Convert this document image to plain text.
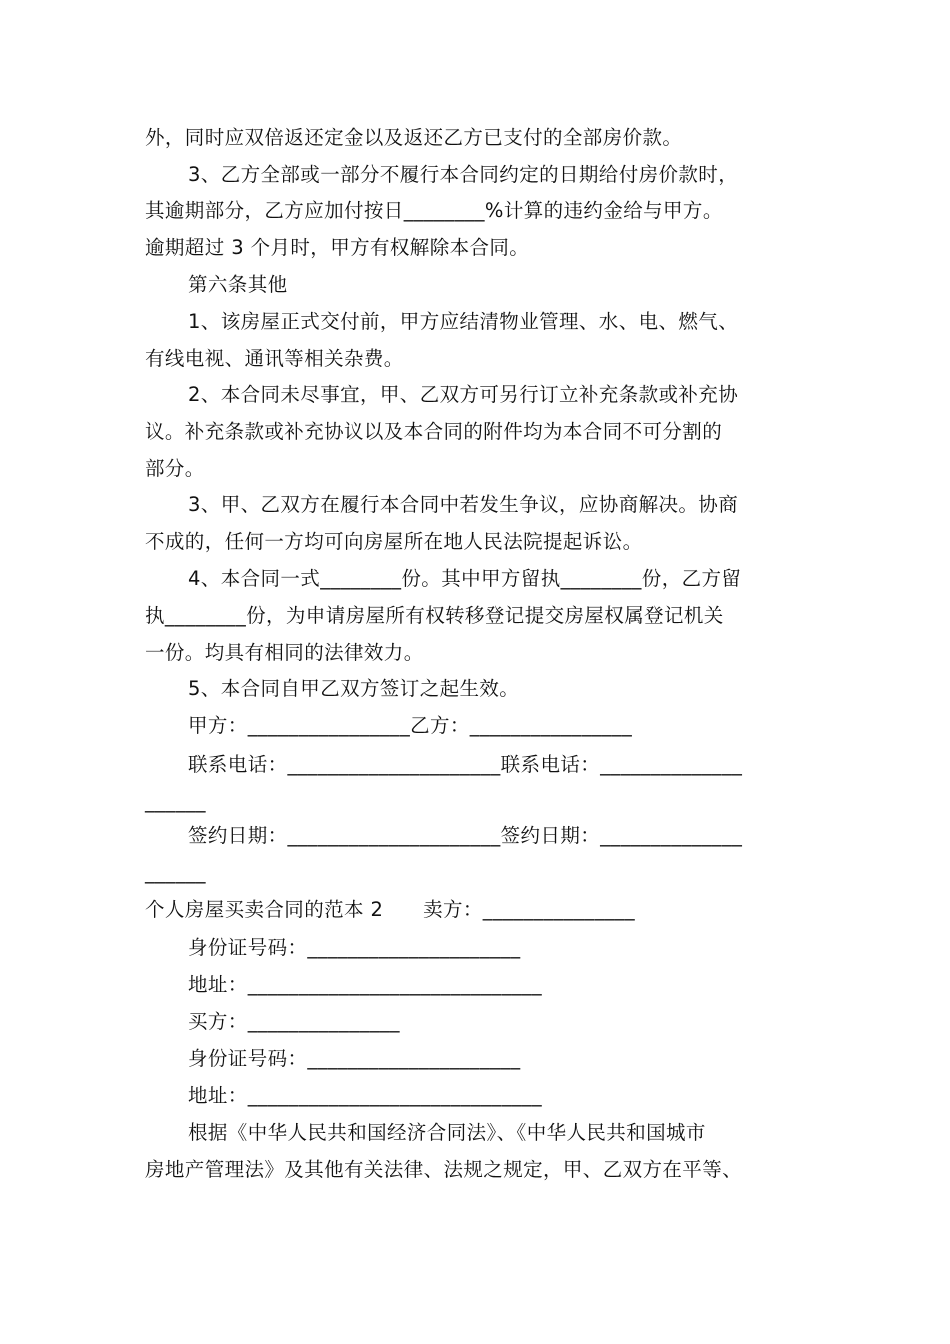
外，同时应双倍返还定金以及返还乙方已支付的全部房价款。
3、乙方全部或一部分不履行本合同约定的日期给付房价款时，
其逾期部分，乙方应加付按日________%计算的违约金给与甲方。
逾期超过 3 个月时，甲方有权解除本合同。
第六条其他
1、该房屋正式交付前，甲方应结清物业管理、水、电、燃气、
有线电视、通讯等相关杂费。
2、本合同未尽事宜，甲、乙双方可另行订立补充条款或补充协
议。补充条款或补充协议以及本合同的附件均为本合同不可分割的
部分。
3、甲、乙双方在履行本合同中若发生争议，应协商解决。协商
不成的，任何一方均可向房屋所在地人民法院提起诉讼。
4、本合同一式________份。其中甲方留执________份，乙方留
执________份，为申请房屋所有权转移登记提交房屋权属登记机关
一份。均具有相同的法律效力。
5、本合同自甲乙双方签订之起生效。
甲方：________________乙方：________________
联系电话：_____________________联系电话：______________
______
签约日期：_____________________签约日期：______________
______
个人房屋买卖合同的范本 2　　卖方：_______________
身份证号码：_____________________
地址：_____________________________
买方：_______________
身份证号码：_____________________
地址：_____________________________
根据《中华人民共和国经济合同法》、《中华人民共和国城市
房地产管理法》及其他有关法律、法规之规定，甲、乙双方在平等、
